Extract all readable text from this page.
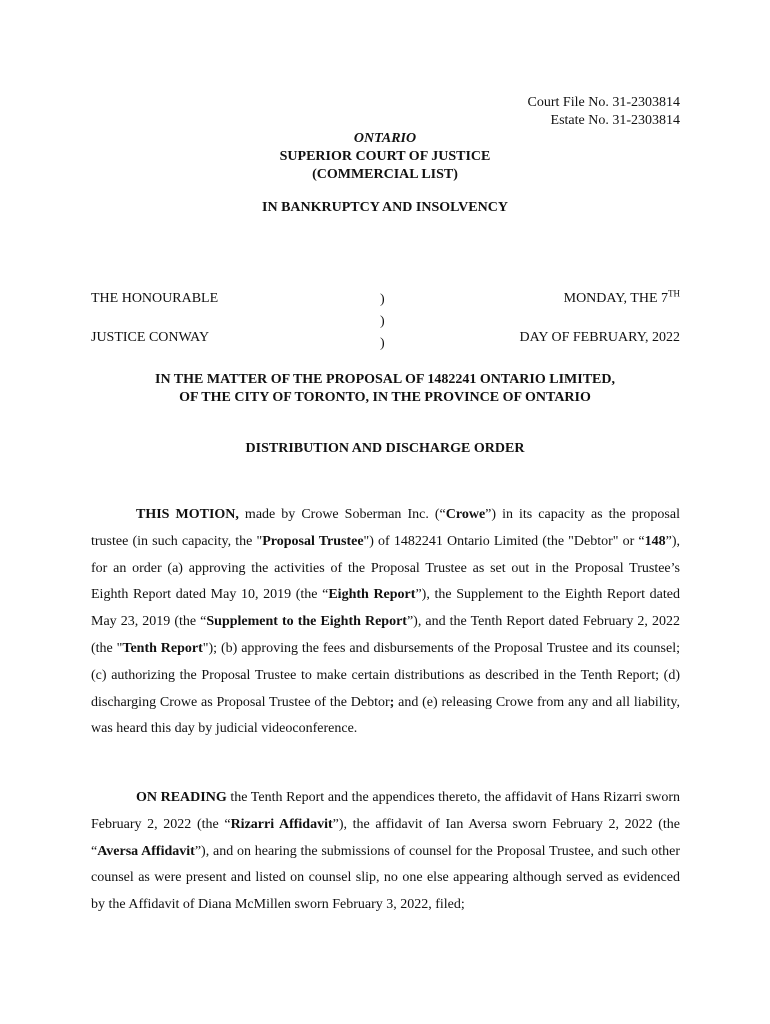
Court File No. 31-2303814
Estate No. 31-2303814
ONTARIO
SUPERIOR COURT OF JUSTICE
(COMMERCIAL LIST)
IN BANKRUPTCY AND INSOLVENCY
THE HONOURABLE	MONDAY, THE 7TH
JUSTICE CONWAY	DAY OF FEBRUARY, 2022
)
)
)
IN THE MATTER OF THE PROPOSAL OF 1482241 ONTARIO LIMITED,
OF THE CITY OF TORONTO, IN THE PROVINCE OF ONTARIO
DISTRIBUTION AND DISCHARGE ORDER

THIS MOTION, made by Crowe Soberman Inc. (“Crowe”) in its capacity as the proposal trustee (in such capacity, the "Proposal Trustee") of 1482241 Ontario Limited (the "Debtor" or “148”), for an order (a) approving the activities of the Proposal Trustee as set out in the Proposal Trustee’s Eighth Report dated May 10, 2019 (the “Eighth Report”), the Supplement to the Eighth Report dated May 23, 2019 (the “Supplement to the Eighth Report”), and the Tenth Report dated February 2, 2022 (the "Tenth Report"); (b) approving the fees and disbursements of the Proposal Trustee and its counsel; (c) authorizing the Proposal Trustee to make certain distributions as described in the Tenth Report; (d) discharging Crowe as Proposal Trustee of the Debtor; and (e) releasing Crowe from any and all liability, was heard this day by judicial videoconference.

ON READING the Tenth Report and the appendices thereto, the affidavit of Hans Rizarri sworn February 2, 2022 (the “Rizarri Affidavit”), the affidavit of Ian Aversa sworn February 2, 2022 (the “Aversa Affidavit”), and on hearing the submissions of counsel for the Proposal Trustee, and such other counsel as were present and listed on counsel slip, no one else appearing although served as evidenced by the Affidavit of Diana McMillen sworn February 3, 2022, filed;
